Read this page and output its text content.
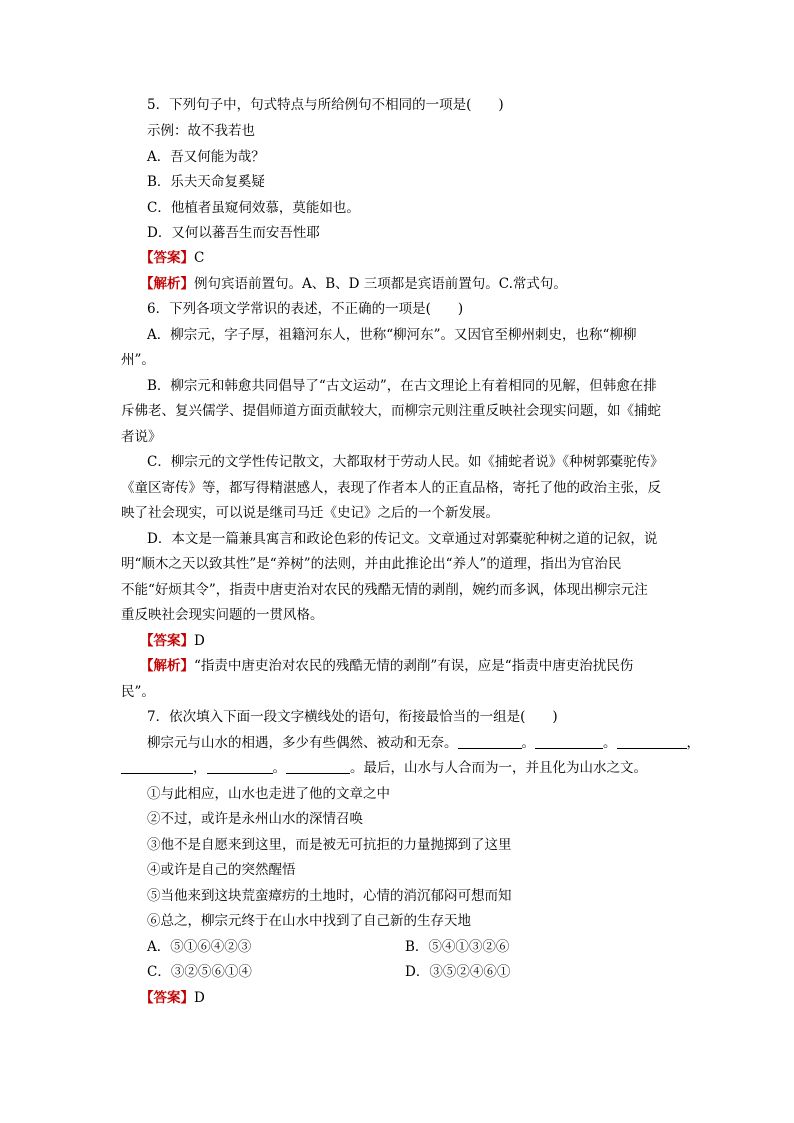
5．下列句子中，句式特点与所给例句不相同的一项是(　　)
示例：故不我若也
A．吾又何能为哉？
B．乐夫天命复奚疑
C．他植者虽窥伺效慕，莫能如也。
D．又何以蕃吾生而安吾性耶
【答案】C
【解析】例句宾语前置句。A、B、D 三项都是宾语前置句。C.常式句。
6．下列各项文学常识的表述，不正确的一项是(　　)
A．柳宗元，字子厚，祖籍河东人，世称“柳河东”。又因官至柳州刺史，也称“柳柳
州”。
B．柳宗元和韩愈共同倡导了“古文运动”，在古文理论上有着相同的见解，但韩愈在排
斥佛老、复兴儒学、提倡师道方面贡献较大，而柳宗元则注重反映社会现实问题，如《捕蛇
者说》
C．柳宗元的文学性传记散文，大都取材于劳动人民。如《捕蛇者说》《种树郭橐驼传》
《童区寄传》等，都写得精湛感人，表现了作者本人的正直品格，寄托了他的政治主张，反
映了社会现实，可以说是继司马迁《史记》之后的一个新发展。
D．本文是一篇兼具寓言和政论色彩的传记文。文章通过对郭橐驼种树之道的记叙，说
明“顺木之天以致其性”是“养树”的法则，并由此推论出“养人”的道理，指出为官治民
不能“好烦其令”，指责中唐吏治对农民的残酷无情的剥削，婉约而多讽，体现出柳宗元注
重反映社会现实问题的一贯风格。
【答案】D
【解析】“指责中唐吏治对农民的残酷无情的剥削”有误，应是“指责中唐吏治扰民伤
民”。
7．依次填入下面一段文字横线处的语句，衔接最恰当的一组是(　　)
柳宗元与山水的相遇，多少有些偶然、被动和无奈。	。	。	，
，	。	。最后，山水与人合而为一，并且化为山水之文。
①与此相应，山水也走进了他的文章之中
②不过，或许是永州山水的深情召唤
③他不是自愿来到这里，而是被无可抗拒的力量抛掷到了这里
④或许是自己的突然醒悟
⑤当他来到这块荒蛮瘴疠的土地时，心情的消沉郁闷可想而知
⑥总之，柳宗元终于在山水中找到了自己新的生存天地
A．⑤①⑥④②③	B．⑤④①③②⑥
C．③②⑤⑥①④	D．③⑤②④⑥①
【答案】D
